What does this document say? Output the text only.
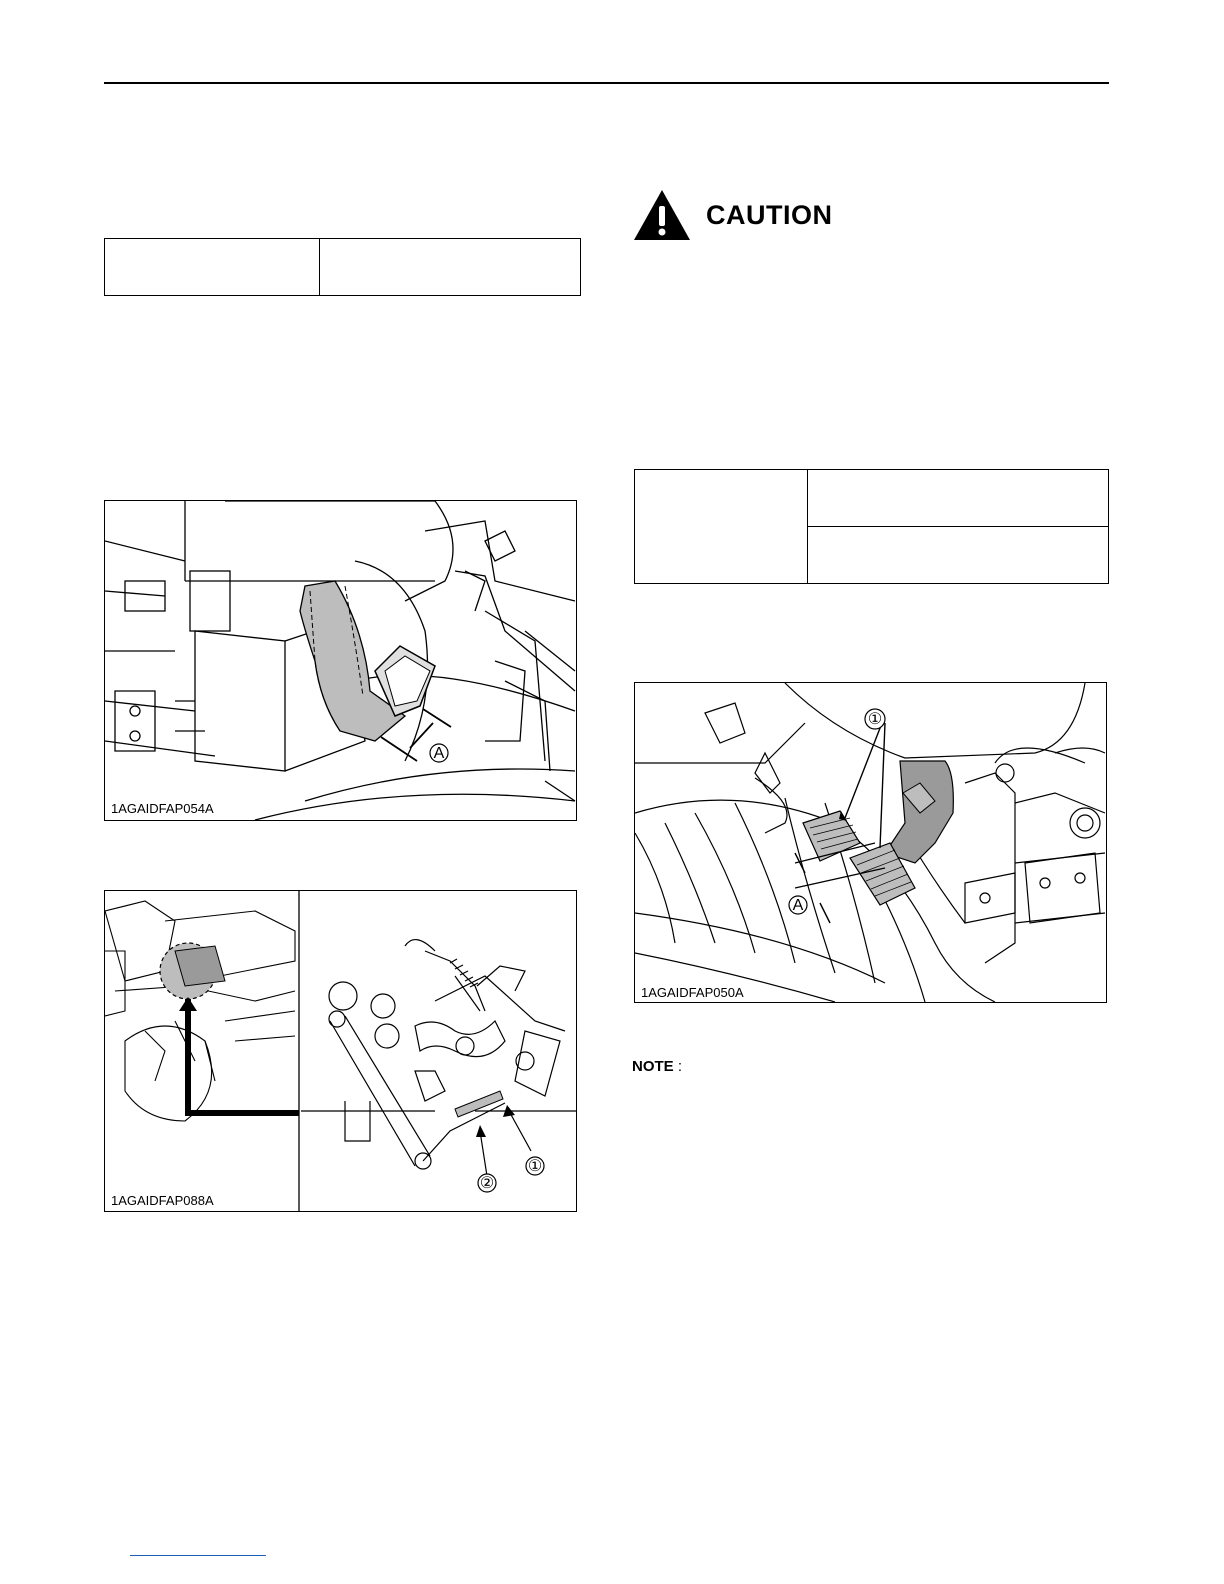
A
1AGAIDFAP054A
②
①
1AGAIDFAP088A
CAUTION

①
A
1AGAIDFAP050A
NOTE :
